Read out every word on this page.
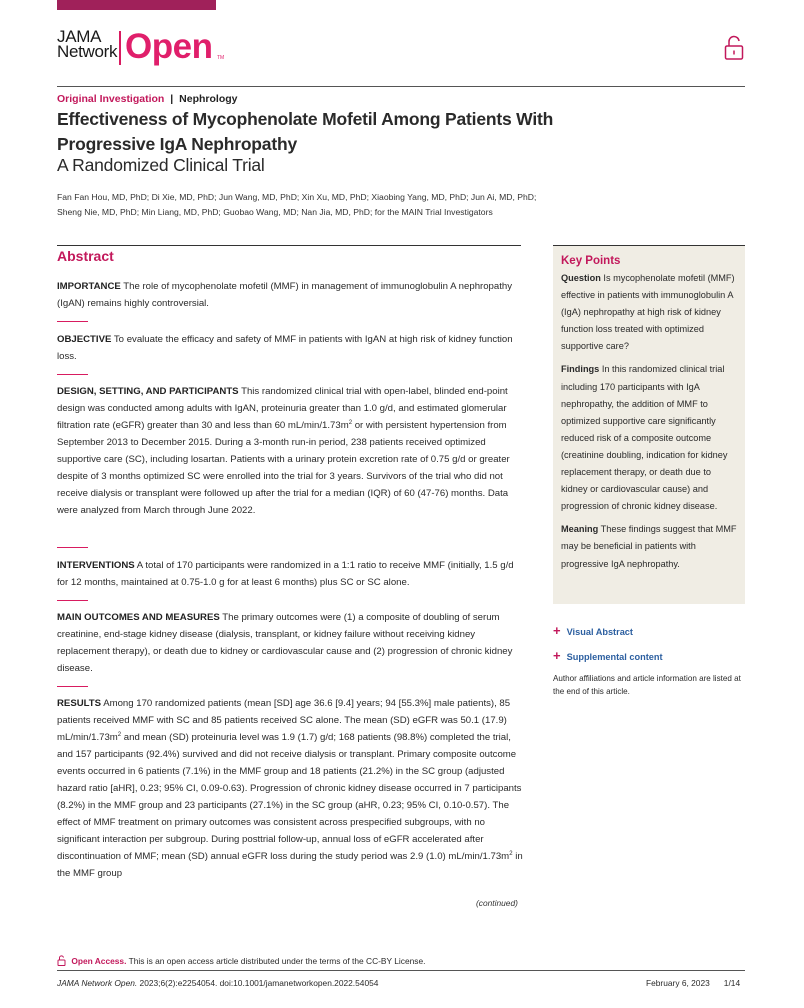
JAMA
Network Open TM
Original Investigation | Nephrology
Effectiveness of Mycophenolate Mofetil Among Patients With Progressive IgA Nephropathy
A Randomized Clinical Trial
Fan Fan Hou, MD, PhD; Di Xie, MD, PhD; Jun Wang, MD, PhD; Xin Xu, MD, PhD; Xiaobing Yang, MD, PhD; Jun Ai, MD, PhD;
Sheng Nie, MD, PhD; Min Liang, MD, PhD; Guobao Wang, MD; Nan Jia, MD, PhD; for the MAIN Trial Investigators
Abstract
IMPORTANCE The role of mycophenolate mofetil (MMF) in management of immunoglobulin A nephropathy (IgAN) remains highly controversial.
OBJECTIVE To evaluate the efficacy and safety of MMF in patients with IgAN at high risk of kidney function loss.
DESIGN, SETTING, AND PARTICIPANTS This randomized clinical trial with open-label, blinded end-point design was conducted among adults with IgAN, proteinuria greater than 1.0 g/d, and estimated glomerular filtration rate (eGFR) greater than 30 and less than 60 $mL/\min/1.73m^2$ or with persistent hypertension from September 2013 to December 2015. During a 3-month run-in period, 238 patients received optimized supportive care (SC), including losartan. Patients with a urinary protein excretion rate of 0.75 g/d or greater despite of 3 months optimized SC were enrolled into the trial for 3 years. Survivors of the trial who did not receive dialysis or transplant were followed up after the trial for a median (IQR) of 60 (47-76) months. Data were analyzed from March through June 2022.
INTERVENTIONS A total of 170 participants were randomized in a 1:1 ratio to receive MMF (initially, 1.5 g/d for 12 months, maintained at 0.75-1.0 g for at least 6 months) plus SC or SC alone.
MAIN OUTCOMES AND MEASURES The primary outcomes were (1) a composite of doubling of serum creatinine, end-stage kidney disease (dialysis, transplant, or kidney failure without receiving kidney replacement therapy), or death due to kidney or cardiovascular cause and (2) progression of chronic kidney disease.
RESULTS Among 170 randomized patients (mean [SD] age 36.6 [9.4] years; 94 [55.3%] male patients), 85 patients received MMF with SC and 85 patients received SC alone. The mean (SD) eGFR was 50.1 (17.9) $mL/\min/1.73m^2$ and mean (SD) proteinuria level was 1.9 (1.7) g/d; 168 patients (98.8%) completed the trial, and 157 participants (92.4%) survived and did not receive dialysis or transplant. Primary composite outcome events occurred in 6 patients (7.1%) in the MMF group and 18 patients (21.2%) in the SC group (adjusted hazard ratio [aHR], 0.23; 95% CI, 0.09-0.63). Progression of chronic kidney disease occurred in 7 participants (8.2%) in the MMF group and 23 participants (27.1%) in the SC group (aHR, 0.23; 95% CI, 0.10-0.57). The effect of MMF treatment on primary outcomes was consistent across prespecified subgroups, with no significant interaction per subgroup. During posttrial follow-up, annual loss of eGFR accelerated after discontinuation of MMF; mean (SD) annual eGFR loss during the study period was 2.9 (1.0) $mL/\min/1.73m^2$ in the MMF group
(continued)
Key Points

Question Is mycophenolate mofetil (MMF) effective in patients with immunoglobulin A (IgA) nephropathy at high risk of kidney function loss treated with optimized supportive care?

Findings In this randomized clinical trial including 170 participants with IgA nephropathy, the addition of MMF to optimized supportive care significantly reduced risk of a composite outcome (creatinine doubling, indication for kidney replacement therapy, or death due to kidney or cardiovascular cause) and progression of chronic kidney disease.

Meaning These findings suggest that MMF may be beneficial in patients with progressive IgA nephropathy.

+ Visual Abstract
+ Supplemental content
Author affiliations and article information are listed at the end of this article.
Open Access. This is an open access article distributed under the terms of the CC-BY License.
JAMA Network Open. 2023;6(2):e2254054. doi:10.1001/jamanetworkopen.2022.54054	February 6, 2023 1/14
